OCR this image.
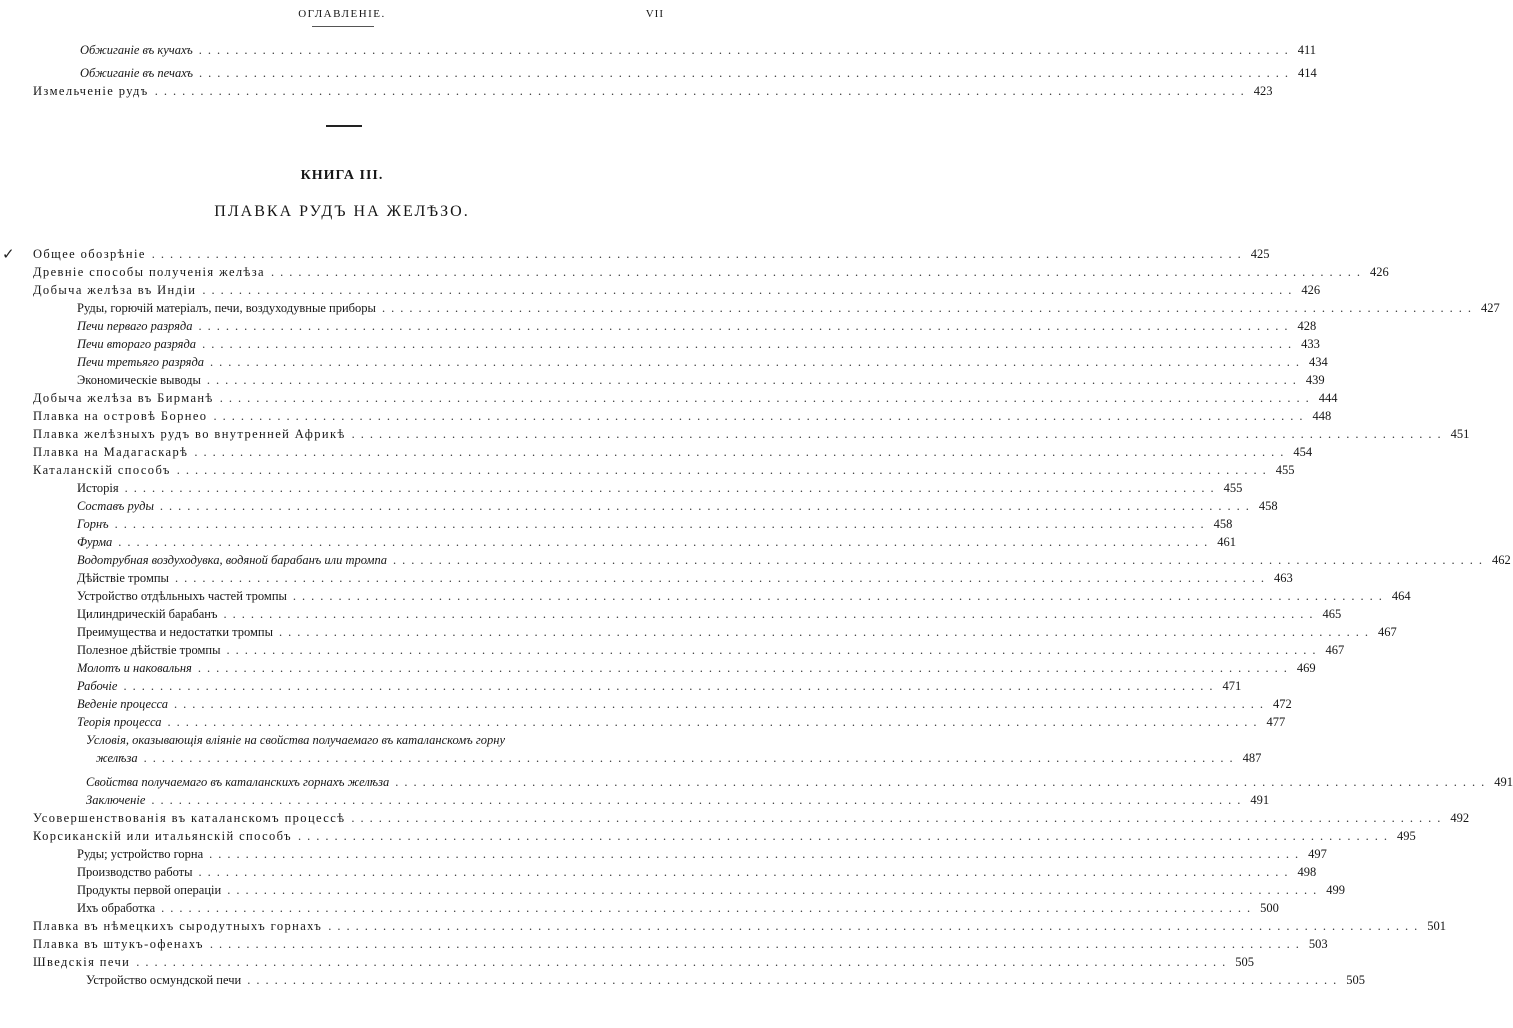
ОГЛАВЛЕНІЕ.	VII
Обжиганіе въ кучахъ ........................................................................................................................ 411
Обжиганіе въ печахъ ........................................................................................................................ 414
Измельченіе рудъ ........................................................................................................................ 423
КНИГА III.
ПЛАВКА РУДЪ НА ЖЕЛѢЗО.
✓ Общее обозрѣніе ........................................................................................................................ 425
Древніе способы полученія желѣза ........................................................................................................................ 426
Добыча желѣза въ Индіи ........................................................................................................................ 426
Руды, горючій матеріалъ, печи, воздуходувные приборы ........................................................................................................................ 427
Печи перваго разряда ........................................................................................................................ 428
Печи втораго разряда ........................................................................................................................ 433
Печи третьяго разряда ........................................................................................................................ 434
Экономическіе выводы ........................................................................................................................ 439
Добыча желѣза въ Бирманѣ ........................................................................................................................ 444
Плавка на островѣ Борнео ........................................................................................................................ 448
Плавка желѣзныхъ рудъ во внутренней Африкѣ ........................................................................................................................ 451
Плавка на Мадагаскарѣ ........................................................................................................................ 454
Каталанскій способъ ........................................................................................................................ 455
Исторія ........................................................................................................................ 455
Составъ руды ........................................................................................................................ 458
Горнъ ........................................................................................................................ 458
Фурма ........................................................................................................................ 461
Водотрубная воздуходувка, водяной барабанъ или тромпа ........................................................................................................................ 462
Дѣйствіе тромпы ........................................................................................................................ 463
Устройство отдѣльныхъ частей тромпы ........................................................................................................................ 464
Цилиндрическій барабанъ ........................................................................................................................ 465
Преимущества и недостатки тромпы ........................................................................................................................ 467
Полезное дѣйствіе тромпы ........................................................................................................................ 467
Молотъ и наковальня ........................................................................................................................ 469
Рабочіе ........................................................................................................................ 471
Веденіе процесса ........................................................................................................................ 472
Теорія процесса ........................................................................................................................ 477
Условія, оказывающія вліяніе на свойства получаемаго въ каталанскомъ горну
желѣза ........................................................................................................................ 487
Свойства получаемаго въ каталанскихъ горнахъ желѣза ........................................................................................................................ 491
Заключеніе ........................................................................................................................ 491
Усовершенствованія въ каталанскомъ процессѣ ........................................................................................................................ 492
Корсиканскій или итальянскій способъ ........................................................................................................................ 495
Руды; устройство горна ........................................................................................................................ 497
Производство работы ........................................................................................................................ 498
Продукты первой операціи ........................................................................................................................ 499
Ихъ обработка ........................................................................................................................ 500
Плавка въ нѣмецкихъ сыродутныхъ горнахъ ........................................................................................................................ 501
Плавка въ штукъ-офенахъ ........................................................................................................................ 503
Шведскія печи ........................................................................................................................ 505
Устройство осмундской печи ........................................................................................................................ 505
